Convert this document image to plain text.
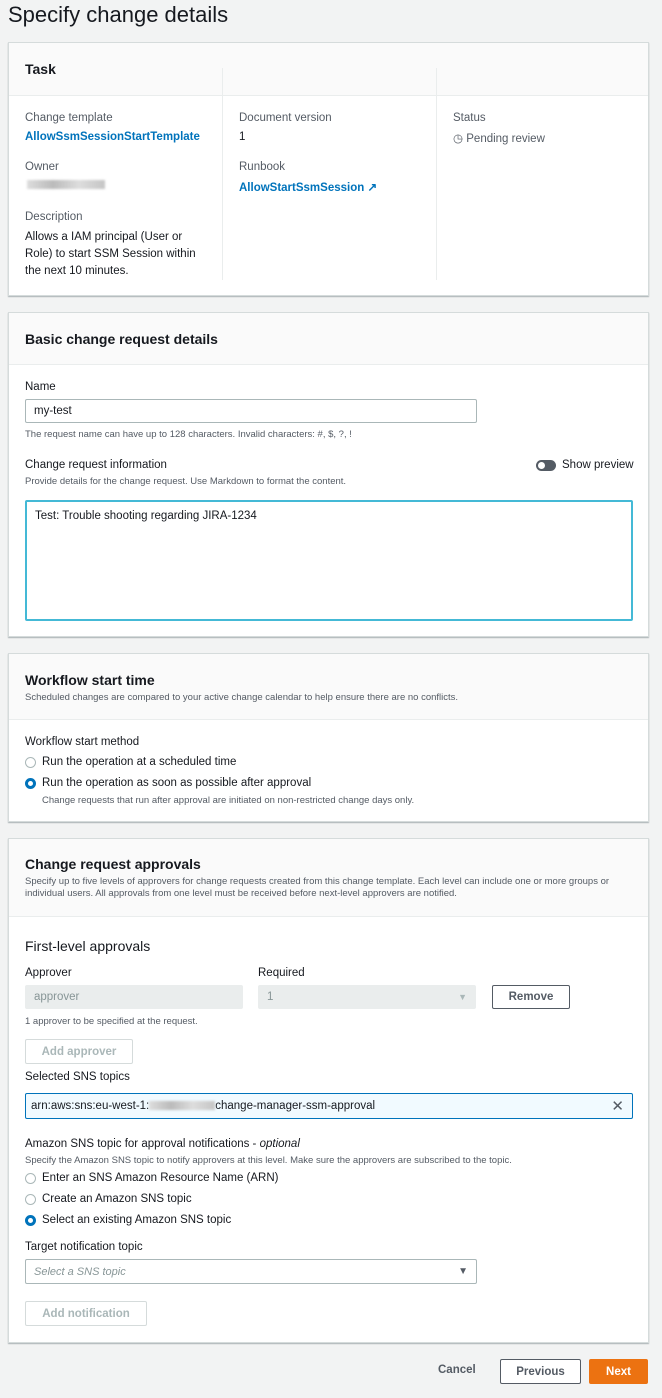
Specify change details
Task
Change template
AllowSsmSessionStartTemplate
Owner
Description
Allows a IAM principal (User or Role) to start SSM Session within the next 10 minutes.
Document version
1
Runbook
AllowStartSsmSession ↗
Status
◷ Pending review
Basic change request details
Name
my-test
The request name can have up to 128 characters. Invalid characters: #, $, ?, !
Change request information
Provide details for the change request. Use Markdown to format the content.
Show preview
Test: Trouble shooting regarding JIRA-1234
Workflow start time
Scheduled changes are compared to your active change calendar to help ensure there are no conflicts.
Workflow start method
Run the operation at a scheduled time
Run the operation as soon as possible after approval
Change requests that run after approval are initiated on non-restricted change days only.
Change request approvals
Specify up to five levels of approvers for change requests created from this change template. Each level can include one or more groups or individual users. All approvals from one level must be received before next-level approvers are notified.
First-level approvals
Approver
approver
Required
1	▼	Remove
1 approver to be specified at the request.
Add approver
Selected SNS topics
arn:aws:sns:eu-west-1:	change-manager-ssm-approval	✕
Amazon SNS topic for approval notifications - optional
Specify the Amazon SNS topic to notify approvers at this level. Make sure the approvers are subscribed to the topic.
Enter an SNS Amazon Resource Name (ARN)
Create an Amazon SNS topic
Select an existing Amazon SNS topic
Target notification topic
Select a SNS topic	▼
Add notification
Cancel	Previous	Next
